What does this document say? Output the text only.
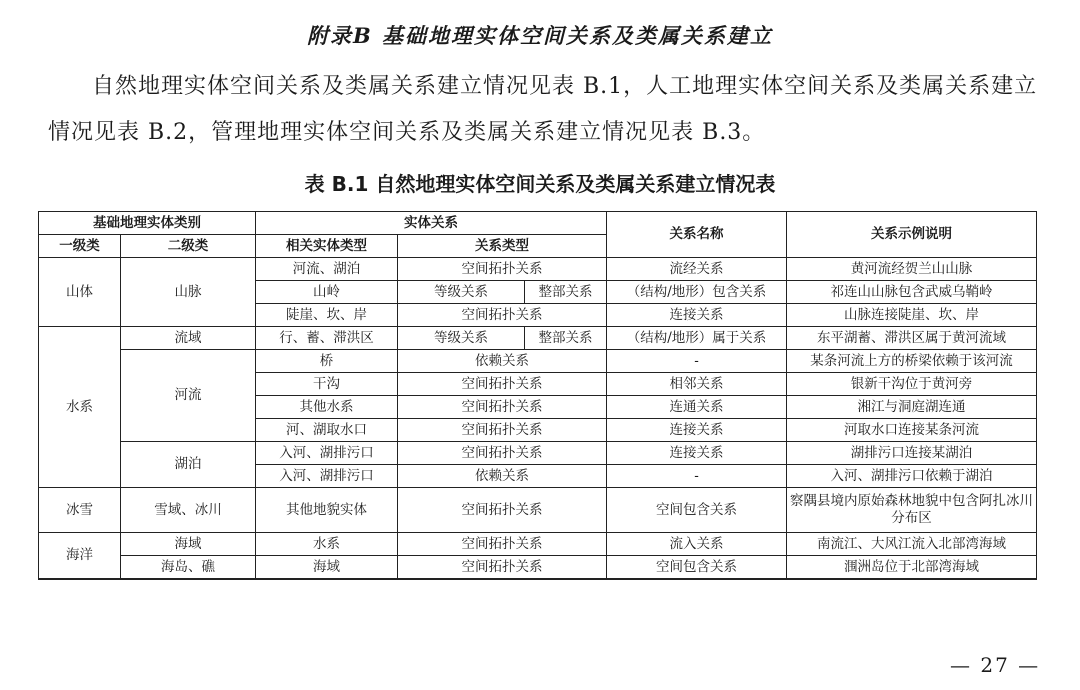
附录B 基础地理实体空间关系及类属关系建立
自然地理实体空间关系及类属关系建立情况见表 B.1，人工地理实体空间关系及类属关系建立情况见表 B.2，管理地理实体空间关系及类属关系建立情况见表 B.3。
表 B.1 自然地理实体空间关系及类属关系建立情况表
基础地理实体类别		实体关系			关系名称	关系示例说明
一级类	二级类	相关实体类型	关系类型			
山体	山脉	河流、湖泊	空间拓扑关系		流经关系	黄河流经贺兰山山脉
		山岭	等级关系	整部关系	（结构/地形）包含关系	祁连山山脉包含武威乌鞘岭
		陡崖、坎、岸	空间拓扑关系		连接关系	山脉连接陡崖、坎、岸
水系	流域	行、蓄、滞洪区	等级关系	整部关系	（结构/地形）属于关系	东平湖蓄、滞洪区属于黄河流域
	河流	桥	依赖关系		-	某条河流上方的桥梁依赖于该河流
		干沟	空间拓扑关系		相邻关系	银新干沟位于黄河旁
		其他水系	空间拓扑关系		连通关系	湘江与洞庭湖连通
		河、湖取水口	空间拓扑关系		连接关系	河取水口连接某条河流
	湖泊	入河、湖排污口	空间拓扑关系		连接关系	湖排污口连接某湖泊
		入河、湖排污口	依赖关系		-	入河、湖排污口依赖于湖泊
冰雪	雪域、冰川	其他地貌实体	空间拓扑关系		空间包含关系	察隅县境内原始森林地貌中包含阿扎冰川分布区
海洋	海域	水系	空间拓扑关系		流入关系	南流江、大风江流入北部湾海域
	海岛、礁	海域	空间拓扑关系		空间包含关系	涠洲岛位于北部湾海域
— 27 —
